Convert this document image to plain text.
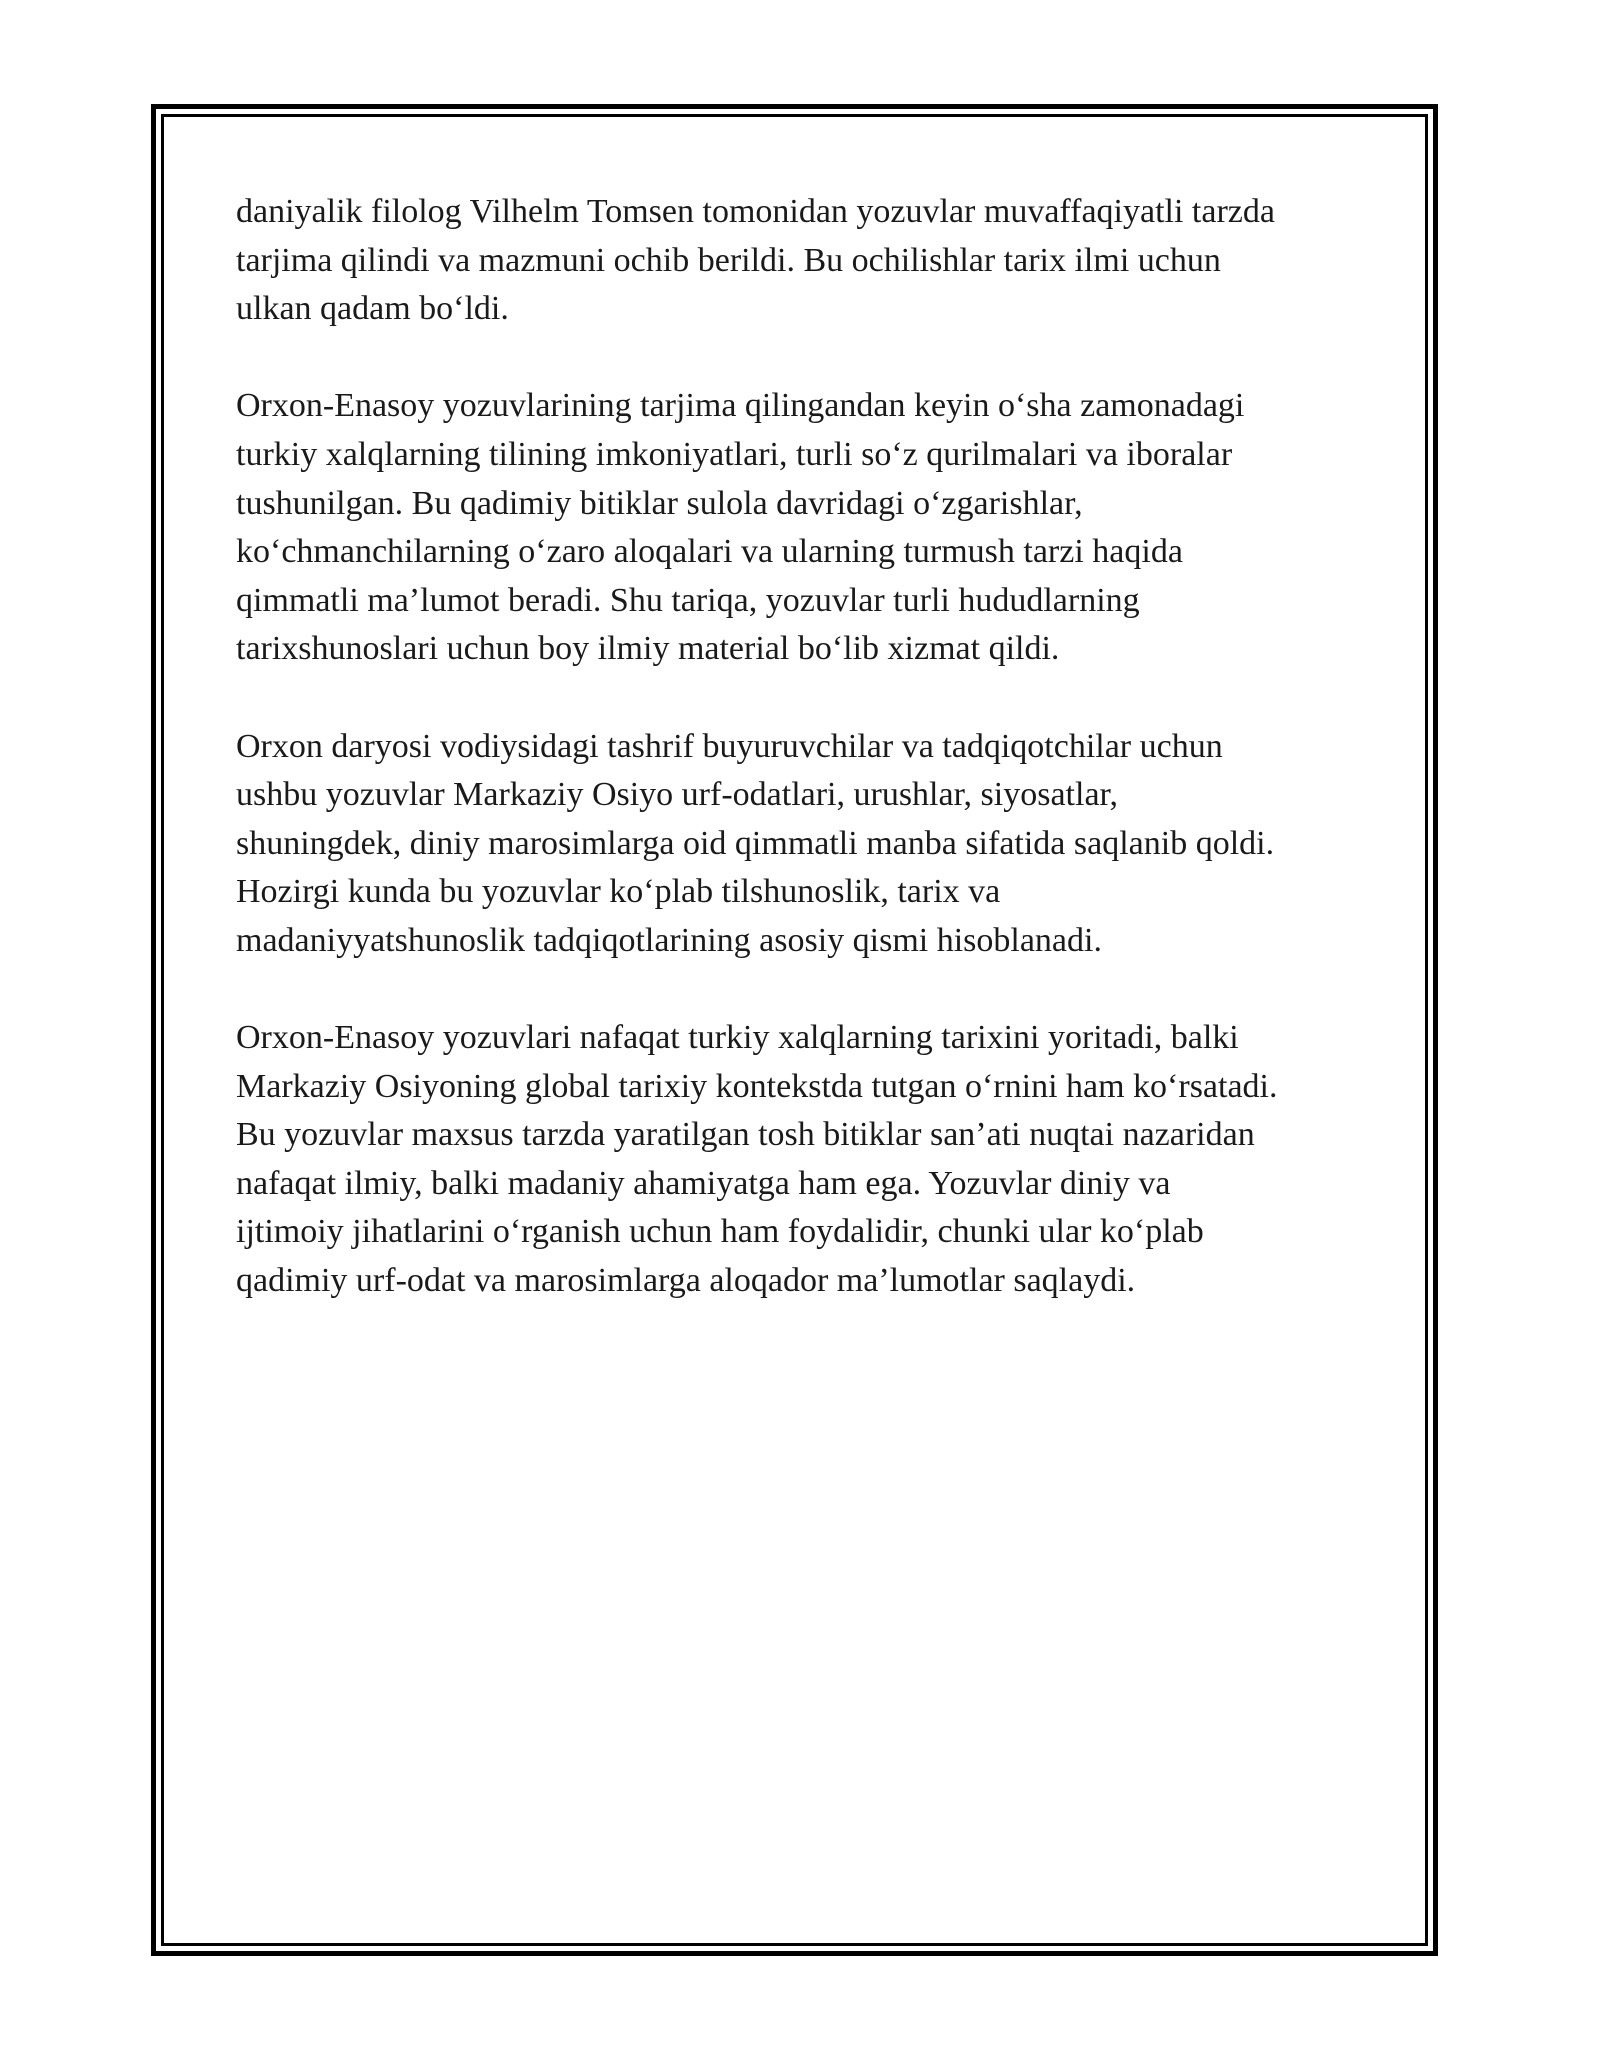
daniyalik filolog Vilhelm Tomsen tomonidan yozuvlar muvaffaqiyatli tarzda
tarjima qilindi va mazmuni ochib berildi. Bu ochilishlar tarix ilmi uchun
ulkan qadam bo‘ldi.

Orxon-Enasoy yozuvlarining tarjima qilingandan keyin o‘sha zamonadagi
turkiy xalqlarning tilining imkoniyatlari, turli so‘z qurilmalari va iboralar
tushunilgan. Bu qadimiy bitiklar sulola davridagi o‘zgarishlar,
ko‘chmanchilarning o‘zaro aloqalari va ularning turmush tarzi haqida
qimmatli ma’lumot beradi. Shu tariqa, yozuvlar turli hududlarning
tarixshunoslari uchun boy ilmiy material bo‘lib xizmat qildi.

Orxon daryosi vodiysidagi tashrif buyuruvchilar va tadqiqotchilar uchun
ushbu yozuvlar Markaziy Osiyo urf-odatlari, urushlar, siyosatlar,
shuningdek, diniy marosimlarga oid qimmatli manba sifatida saqlanib qoldi.
Hozirgi kunda bu yozuvlar ko‘plab tilshunoslik, tarix va
madaniyyatshunoslik tadqiqotlarining asosiy qismi hisoblanadi.

Orxon-Enasoy yozuvlari nafaqat turkiy xalqlarning tarixini yoritadi, balki
Markaziy Osiyoning global tarixiy kontekstda tutgan o‘rnini ham ko‘rsatadi.
Bu yozuvlar maxsus tarzda yaratilgan tosh bitiklar san’ati nuqtai nazaridan
nafaqat ilmiy, balki madaniy ahamiyatga ham ega. Yozuvlar diniy va
ijtimoiy jihatlarini o‘rganish uchun ham foydalidir, chunki ular ko‘plab
qadimiy urf-odat va marosimlarga aloqador ma’lumotlar saqlaydi.
